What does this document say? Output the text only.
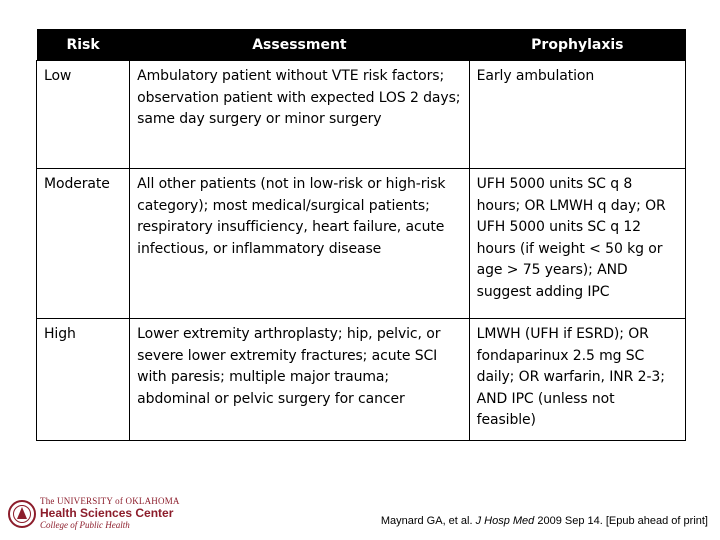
Risk	Assessment	Prophylaxis
Low	Ambulatory patient without VTE risk factors; observation patient with expected LOS 2 days; same day surgery or minor surgery	Early ambulation
Moderate	All other patients (not in low-risk or high-risk category); most medical/surgical patients; respiratory insufficiency, heart failure, acute infectious, or inflammatory disease	UFH 5000 units SC q 8 hours; OR LMWH q day; OR UFH 5000 units SC q 12 hours (if weight < 50 kg or age > 75 years); AND suggest adding IPC
High	Lower extremity arthroplasty; hip, pelvic, or severe lower extremity fractures; acute SCI with paresis; multiple major trauma; abdominal or pelvic surgery for cancer	LMWH (UFH if ESRD); OR fondaparinux 2.5 mg SC daily; OR warfarin, INR 2-3; AND IPC (unless not feasible)
The UNIVERSITY of OKLAHOMA
Health Sciences Center
College of Public Health	Maynard GA, et al. J Hosp Med 2009 Sep 14. [Epub ahead of print]
